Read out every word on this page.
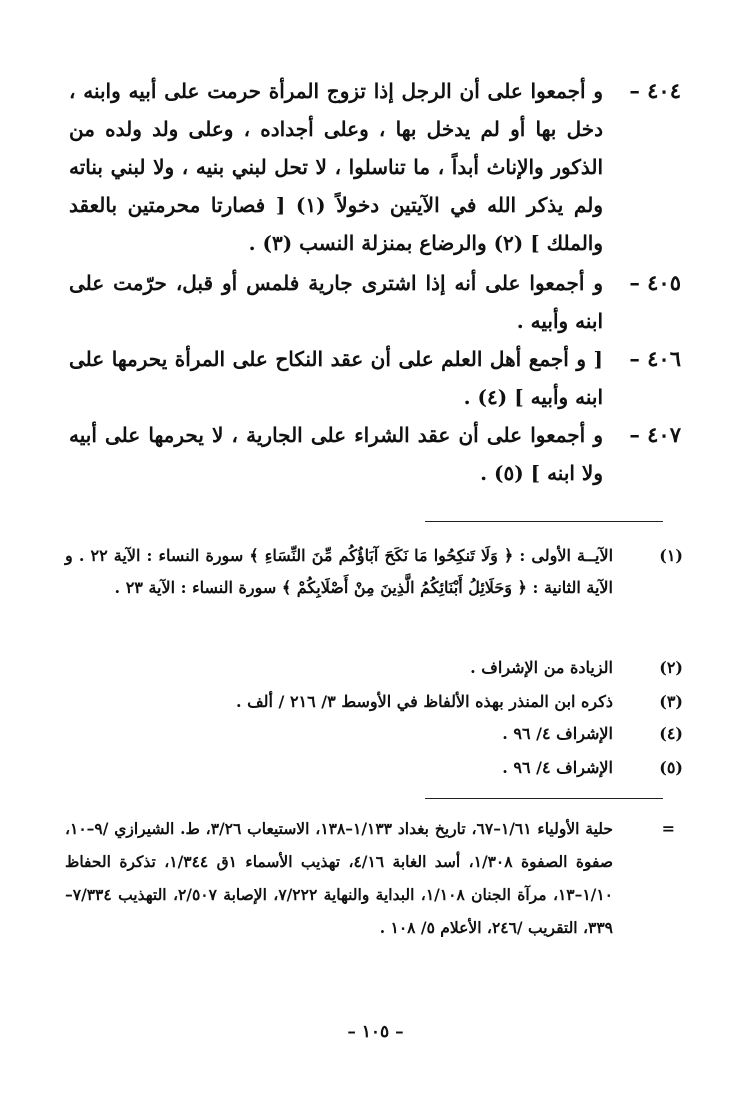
٤٠٤ –
و أجمعوا على أن الرجل إذا تزوج المرأة حرمت على أبيه وابنه ، دخل بها أو لم يدخل بها ، وعلى أجداده ، وعلى ولد ولده من الذكور والإناث أبداً ، ما تناسلوا ، لا تحل لبني بنيه ، ولا لبني بناته ولم يذكر الله في الآيتين دخولاً (١) [ فصارتا محرمتين بالعقد والملك ] (٢) والرضاع بمنزلة النسب (٣) .
٤٠٥ –
و أجمعوا على أنه إذا اشترى جارية فلمس أو قبل، حرّمت على ابنه وأبيه .
٤٠٦ –
[ و أجمع أهل العلم على أن عقد النكاح على المرأة يحرمها على ابنه وأبيه ] (٤) .
٤٠٧ –
و أجمعوا على أن عقد الشراء على الجارية ، لا يحرمها على أبيه ولا ابنه ] (٥) .
(١)
الآيــة الأولى : ﴿ وَلَا تَنكِحُوا مَا نَكَحَ آبَاؤُكُم مِّنَ النِّسَاءِ ﴾ سورة النساء : الآية ٢٢ . و الآية الثانية : ﴿ وَحَلَائِلُ أَبْنَائِكُمُ الَّذِينَ مِنْ أَصْلَابِكُمْ ﴾ سورة النساء : الآية ٢٣ .
(٢)
الزيادة من الإشراف .
(٣)
ذكره ابن المنذر بهذه الألفاظ في الأوسط ٣/ ٢١٦ / ألف .
(٤)
الإشراف ٤/ ٩٦ .
(٥)
الإشراف ٤/ ٩٦ .
=
حلية الأولياء ١/٦١–٦٧، تاريخ بغداد ١/١٣٣–١٣٨، الاستيعاب ٣/٢٦، ط. الشيرازي /٩–١٠، صفوة الصفوة ١/٣٠٨، أسد الغابة ٤/١٦، تهذيب الأسماء ١ق ١/٣٤٤، تذكرة الحفاظ ١/١٠–١٣، مرآة الجنان ١/١٠٨، البداية والنهاية ٧/٢٢٢، الإصابة ٢/٥٠٧، التهذيب ٧/٣٣٤–٣٣٩، التقريب /٢٤٦، الأعلام ٥/ ١٠٨ .
– ١٠٥ –
